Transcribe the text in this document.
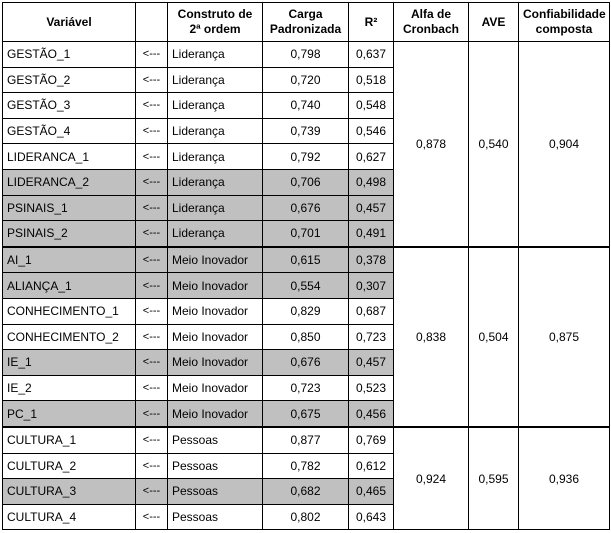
Variável		Construto de 2ª ordem	Carga Padronizada	R²	Alfa de Cronbach	AVE	Confiabilidade composta
GESTÃO_1	<---	Liderança	0,798	0,637	0,878	0,540	0,904
GESTÃO_2	<---	Liderança	0,720	0,518			
GESTÃO_3	<---	Liderança	0,740	0,548			
GESTÃO_4	<---	Liderança	0,739	0,546			
LIDERANCA_1	<---	Liderança	0,792	0,627			
LIDERANCA_2	<---	Liderança	0,706	0,498			
PSINAIS_1	<---	Liderança	0,676	0,457			
PSINAIS_2	<---	Liderança	0,701	0,491			
AI_1	<---	Meio Inovador	0,615	0,378	0,838	0,504	0,875
ALIANÇA_1	<---	Meio Inovador	0,554	0,307			
CONHECIMENTO_1	<---	Meio Inovador	0,829	0,687			
CONHECIMENTO_2	<---	Meio Inovador	0,850	0,723			
IE_1	<---	Meio Inovador	0,676	0,457			
IE_2	<---	Meio Inovador	0,723	0,523			
PC_1	<---	Meio Inovador	0,675	0,456			
CULTURA_1	<---	Pessoas	0,877	0,769	0,924	0,595	0,936
CULTURA_2	<---	Pessoas	0,782	0,612			
CULTURA_3	<---	Pessoas	0,682	0,465			
CULTURA_4	<---	Pessoas	0,802	0,643			
